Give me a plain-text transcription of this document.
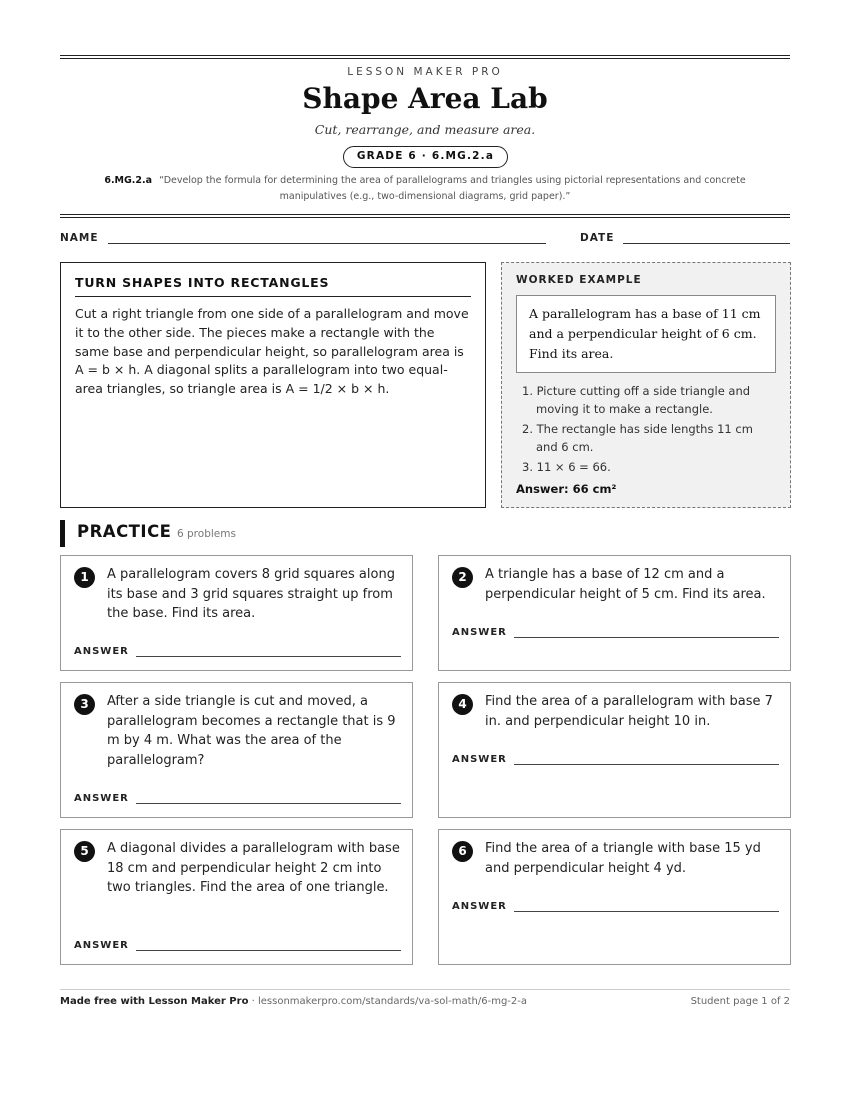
LESSON MAKER PRO
Shape Area Lab
Cut, rearrange, and measure area.
GRADE 6 · 6.MG.2.a
6.MG.2.a “Develop the formula for determining the area of parallelograms and triangles using pictorial representations and concrete manipulatives (e.g., two-dimensional diagrams, grid paper).”
NAME	DATE
TURN SHAPES INTO RECTANGLES
Cut a right triangle from one side of a parallelogram and move it to the other side. The pieces make a rectangle with the same base and perpendicular height, so parallelogram area is A = b × h. A diagonal splits a parallelogram into two equal-area triangles, so triangle area is A = 1/2 × b × h.
WORKED EXAMPLE
A parallelogram has a base of 11 cm and a perpendicular height of 6 cm. Find its area.
1. Picture cutting off a side triangle and moving it to make a rectangle.
2. The rectangle has side lengths 11 cm and 6 cm.
3. 11 × 6 = 66.
Answer: 66 cm²
PRACTICE 6 problems
1	A parallelogram covers 8 grid squares along its base and 3 grid squares straight up from the base. Find its area.
ANSWER
2	A triangle has a base of 12 cm and a perpendicular height of 5 cm. Find its area.
ANSWER
3	After a side triangle is cut and moved, a parallelogram becomes a rectangle that is 9 m by 4 m. What was the area of the parallelogram?
ANSWER
4	Find the area of a parallelogram with base 7 in. and perpendicular height 10 in.
ANSWER
5	A diagonal divides a parallelogram with base 18 cm and perpendicular height 2 cm into two triangles. Find the area of one triangle.
ANSWER
6	Find the area of a triangle with base 15 yd and perpendicular height 4 yd.
ANSWER
Made free with Lesson Maker Pro · lessonmakerpro.com/standards/va-sol-math/6-mg-2-a	Student page 1 of 2
